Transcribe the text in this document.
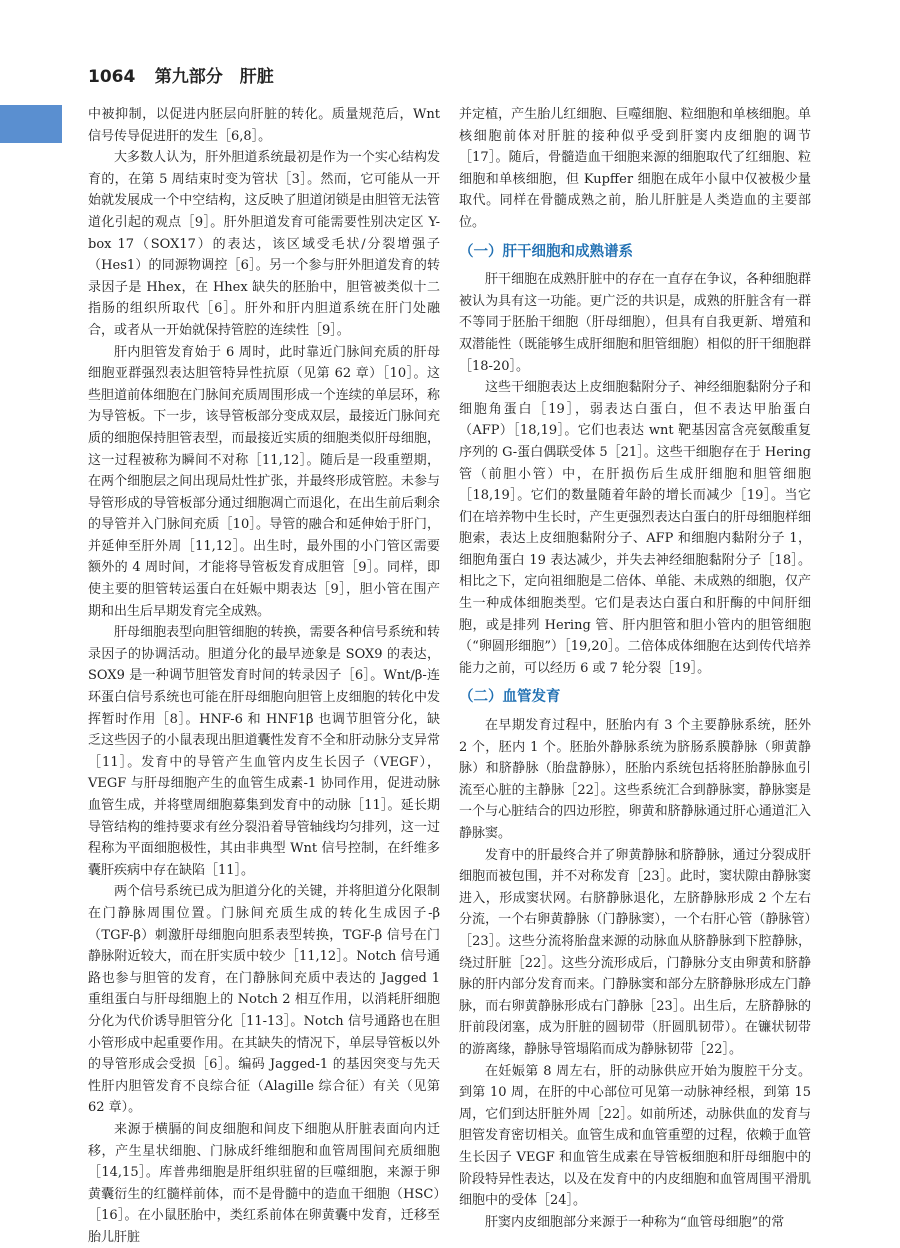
1064 第九部分　肝脏

中被抑制，以促进内胚层向肝脏的转化。质量规范后，Wnt 信号传导促进肝的发生［6,8］。

大多数人认为，肝外胆道系统最初是作为一个实心结构发育的，在第 5 周结束时变为管状［3］。然而，它可能从一开始就发展成一个中空结构，这反映了胆道闭锁是由胆管无法管道化引起的观点［9］。肝外胆道发育可能需要性别决定区 Y-box 17（SOX17）的表达，该区域受毛状/分裂增强子（Hes1）的同源物调控［6］。另一个参与肝外胆道发育的转录因子是 Hhex，在 Hhex 缺失的胚胎中，胆管被类似十二指肠的组织所取代［6］。肝外和肝内胆道系统在肝门处融合，或者从一开始就保持管腔的连续性［9］。

肝内胆管发育始于 6 周时，此时靠近门脉间充质的肝母细胞亚群强烈表达胆管特异性抗原（见第 62 章）［10］。这些胆道前体细胞在门脉间充质周围形成一个连续的单层环，称为导管板。下一步，该导管板部分变成双层，最接近门脉间充质的细胞保持胆管表型，而最接近实质的细胞类似肝母细胞，这一过程被称为瞬间不对称［11,12］。随后是一段重塑期，在两个细胞层之间出现局灶性扩张，并最终形成管腔。未参与导管形成的导管板部分通过细胞凋亡而退化，在出生前后剩余的导管并入门脉间充质［10］。导管的融合和延伸始于肝门，并延伸至肝外周［11,12］。出生时，最外围的小门管区需要额外的 4 周时间，才能将导管板发育成胆管［9］。同样，即使主要的胆管转运蛋白在妊娠中期表达［9］，胆小管在围产期和出生后早期发育完全成熟。

肝母细胞表型向胆管细胞的转换，需要各种信号系统和转录因子的协调活动。胆道分化的最早迹象是 SOX9 的表达，SOX9 是一种调节胆管发育时间的转录因子［6］。Wnt/β-连环蛋白信号系统也可能在肝母细胞向胆管上皮细胞的转化中发挥暂时作用［8］。HNF-6 和 HNF1β 也调节胆管分化，缺乏这些因子的小鼠表现出胆道囊性发育不全和肝动脉分支异常［11］。发育中的导管产生血管内皮生长因子（VEGF），VEGF 与肝母细胞产生的血管生成素-1 协同作用，促进动脉血管生成，并将壁周细胞募集到发育中的动脉［11］。延长期导管结构的维持要求有丝分裂沿着导管轴线均匀排列，这一过程称为平面细胞极性，其由非典型 Wnt 信号控制，在纤维多囊肝疾病中存在缺陷［11］。

两个信号系统已成为胆道分化的关键，并将胆道分化限制在门静脉周围位置。门脉间充质生成的转化生成因子-β（TGF-β）刺激肝母细胞向胆系表型转换，TGF-β 信号在门静脉附近较大，而在肝实质中较少［11,12］。Notch 信号通路也参与胆管的发育，在门静脉间充质中表达的 Jagged 1 重组蛋白与肝母细胞上的 Notch 2 相互作用，以消耗肝细胞分化为代价诱导胆管分化［11-13］。Notch 信号通路也在胆小管形成中起重要作用。在其缺失的情况下，单层导管板以外的导管形成会受损［6］。编码 Jagged-1 的基因突变与先天性肝内胆管发育不良综合征（Alagille 综合征）有关（见第 62 章）。

来源于横膈的间皮细胞和间皮下细胞从肝脏表面向内迁移，产生星状细胞、门脉成纤维细胞和血管周围间充质细胞［14,15］。库普弗细胞是肝组织驻留的巨噬细胞，来源于卵黄囊衍生的红髓样前体，而不是骨髓中的造血干细胞（HSC）［16］。在小鼠胚胎中，类红系前体在卵黄囊中发育，迁移至胎儿肝脏

并定植，产生胎儿红细胞、巨噬细胞、粒细胞和单核细胞。单核细胞前体对肝脏的接种似乎受到肝窦内皮细胞的调节［17］。随后，骨髓造血干细胞来源的细胞取代了红细胞、粒细胞和单核细胞，但 Kupffer 细胞在成年小鼠中仅被极少量取代。同样在骨髓成熟之前，胎儿肝脏是人类造血的主要部位。

（一）肝干细胞和成熟谱系

肝干细胞在成熟肝脏中的存在一直存在争议，各种细胞群被认为具有这一功能。更广泛的共识是，成熟的肝脏含有一群不等同于胚胎干细胞（肝母细胞），但具有自我更新、增殖和双潜能性（既能够生成肝细胞和胆管细胞）相似的肝干细胞群［18-20］。

这些干细胞表达上皮细胞黏附分子、神经细胞黏附分子和细胞角蛋白［19］，弱表达白蛋白，但不表达甲胎蛋白（AFP）［18,19］。它们也表达 wnt 靶基因富含亮氨酸重复序列的 G-蛋白偶联受体 5［21］。这些干细胞存在于 Hering 管（前胆小管）中，在肝损伤后生成肝细胞和胆管细胞［18,19］。它们的数量随着年龄的增长而减少［19］。当它们在培养物中生长时，产生更强烈表达白蛋白的肝母细胞样细胞索，表达上皮细胞黏附分子、AFP 和细胞内黏附分子 1，细胞角蛋白 19 表达减少，并失去神经细胞黏附分子［18］。相比之下，定向祖细胞是二倍体、单能、未成熟的细胞，仅产生一种成体细胞类型。它们是表达白蛋白和肝酶的中间肝细胞，或是排列 Hering 管、肝内胆管和胆小管内的胆管细胞（“卵圆形细胞”）［19,20］。二倍体成体细胞在达到传代培养能力之前，可以经历 6 或 7 轮分裂［19］。

（二）血管发育

在早期发育过程中，胚胎内有 3 个主要静脉系统，胚外 2 个，胚内 1 个。胚胎外静脉系统为脐肠系膜静脉（卵黄静脉）和脐静脉（胎盘静脉），胚胎内系统包括将胚胎静脉血引流至心脏的主静脉［22］。这些系统汇合到静脉窦，静脉窦是一个与心脏结合的四边形腔，卵黄和脐静脉通过肝心通道汇入静脉窦。

发育中的肝最终合并了卵黄静脉和脐静脉，通过分裂成肝细胞而被包围，并不对称发育［23］。此时，窦状隙由静脉窦进入，形成窦状网。右脐静脉退化，左脐静脉形成 2 个左右分流，一个右卵黄静脉（门静脉窦），一个右肝心管（静脉管）［23］。这些分流将胎盘来源的动脉血从脐静脉到下腔静脉，绕过肝脏［22］。这些分流形成后，门静脉分支由卵黄和脐静脉的肝内部分发育而来。门静脉窦和部分左脐静脉形成左门静脉，而右卵黄静脉形成右门静脉［23］。出生后，左脐静脉的肝前段闭塞，成为肝脏的圆韧带（肝圆肌韧带）。在镰状韧带的游离缘，静脉导管塌陷而成为静脉韧带［22］。

在妊娠第 8 周左右，肝的动脉供应开始为腹腔干分支。到第 10 周，在肝的中心部位可见第一动脉神经根，到第 15 周，它们到达肝脏外周［22］。如前所述，动脉供血的发育与胆管发育密切相关。血管生成和血管重塑的过程，依赖于血管生长因子 VEGF 和血管生成素在导管板细胞和肝母细胞中的阶段特异性表达，以及在发育中的内皮细胞和血管周围平滑肌细胞中的受体［24］。

肝窦内皮细胞部分来源于一种称为“血管母细胞”的常
